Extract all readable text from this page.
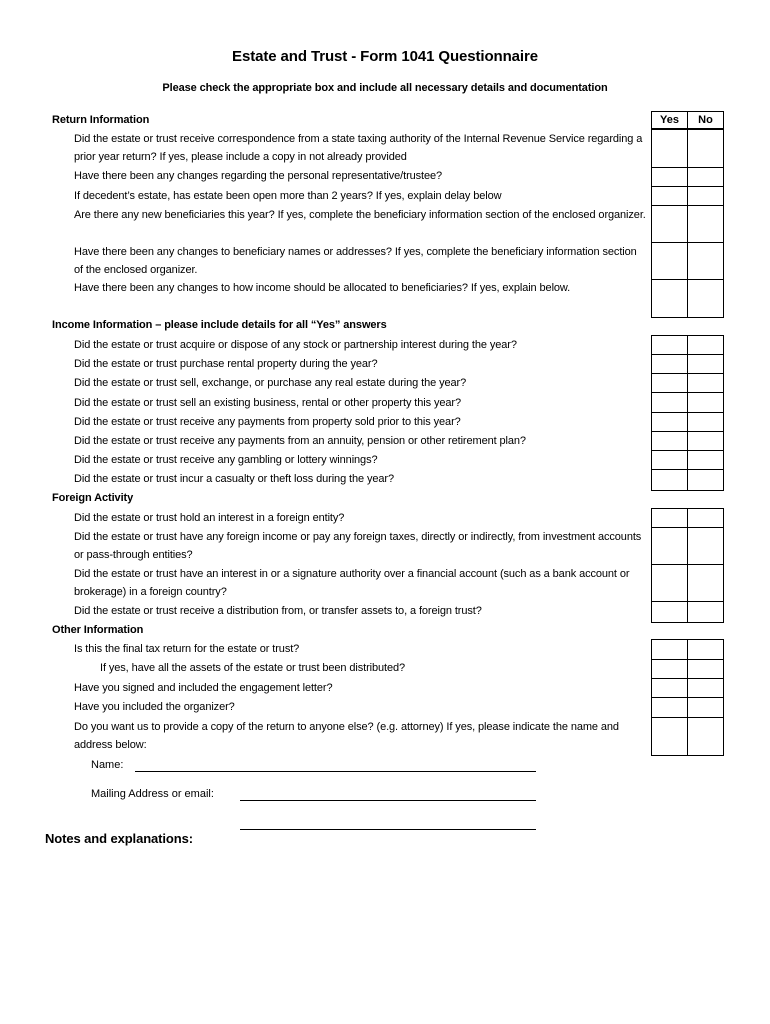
Estate and Trust - Form 1041 Questionnaire
Please check the appropriate box and include all necessary details and documentation
Yes	No
Return Information
Did the estate or trust receive correspondence from a state taxing authority of the Internal Revenue Service regarding a prior year return? If yes, please include a copy in not already provided
Have there been any changes regarding the personal representative/trustee?
If decedent’s estate, has estate been open more than 2 years? If yes, explain delay below
Are there any new beneficiaries this year? If yes, complete the beneficiary information section of the enclosed organizer.
Have there been any changes to beneficiary names or addresses? If yes, complete the beneficiary information section of the enclosed organizer.
Have there been any changes to how income should be allocated to beneficiaries? If yes, explain below.
Income Information – please include details for all “Yes” answers
Did the estate or trust acquire or dispose of any stock or partnership interest during the year?
Did the estate or trust purchase rental property during the year?
Did the estate or trust sell, exchange, or purchase any real estate during the year?
Did the estate or trust sell an existing business, rental or other property this year?
Did the estate or trust receive any payments from property sold prior to this year?
Did the estate or trust receive any payments from an annuity, pension or other retirement plan?
Did the estate or trust receive any gambling or lottery winnings?
Did the estate or trust incur a casualty or theft loss during the year?
Foreign Activity
Did the estate or trust hold an interest in a foreign entity?
Did the estate or trust have any foreign income or pay any foreign taxes, directly or indirectly, from investment accounts or pass-through entities?
Did the estate or trust have an interest in or a signature authority over a financial account (such as a bank account or brokerage) in a foreign country?
Did the estate or trust receive a distribution from, or transfer assets to, a foreign trust?
Other Information
Is this the final tax return for the estate or trust?
If yes, have all the assets of the estate or trust been distributed?
Have you signed and included the engagement letter?
Have you included the organizer?
Do you want us to provide a copy of the return to anyone else? (e.g. attorney) If yes, please indicate the name and address below:
Name:
Mailing Address or email:
Notes and explanations:
